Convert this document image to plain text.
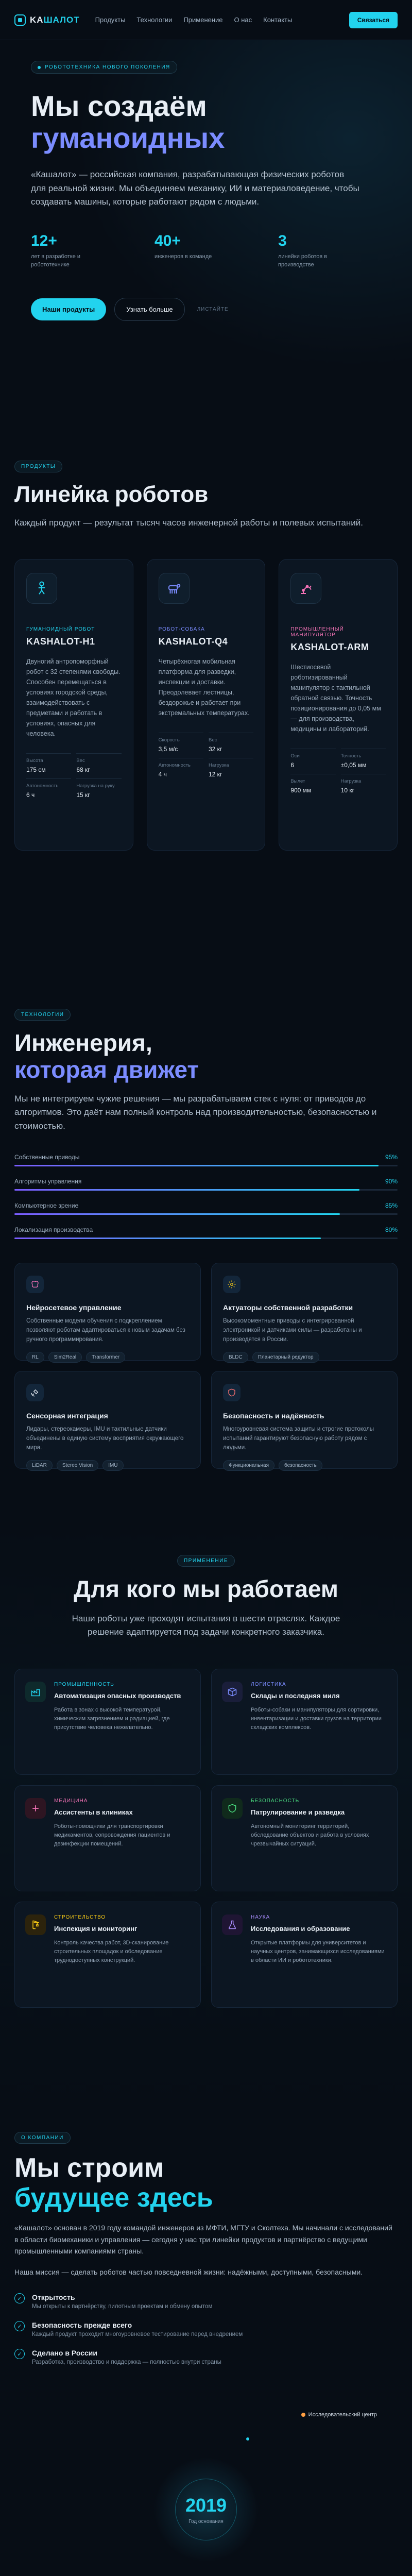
KAШАЛОТ Продукты Технологии Применение О нас Контакты	Связаться
РОБОТОТЕХНИКА НОВОГО ПОКОЛЕНИЯ
Мы создаём
гуманоидных

«Кашалот» — российская компания, разрабатывающая физических роботов для реальной жизни. Мы объединяем механику, ИИ и материаловедение, чтобы создавать машины, которые работают рядом с людьми.

12+
лет в разработке и робототехнике
40+
инженеров в команде
3
линейки роботов в производстве
Наши продукты	Узнать больше	ЛИСТАЙТЕ
ПРОДУКТЫ
Линейка роботов

Каждый продукт — результат тысяч часов инженерной работы и полевых испытаний.

ГУМАНОИДНЫЙ РОБОТ
KASHALOT-H1

Двуногий антропоморфный робот с 32 степенями свободы. Способен перемещаться в условиях городской среды, взаимодействовать с предметами и работать в условиях, опасных для человека.

Высота
175 см
Вес
68 кг
Автономность
6 ч
Нагрузка на руку
15 кг
РОБОТ-СОБАКА
KASHALOT-Q4

Четырёхногая мобильная платформа для разведки, инспекции и доставки. Преодолевает лестницы, бездорожье и работает при экстремальных температурах.

Скорость
3,5 м/с
Вес
32 кг
Автономность
4 ч
Нагрузка
12 кг
ПРОМЫШЛЕННЫЙ МАНИПУЛЯТОР
KASHALOT-ARM

Шестиосевой роботизированный манипулятор с тактильной обратной связью. Точность позиционирования до 0,05 мм — для производства, медицины и лабораторий.

Оси
6
Точность
±0,05 мм
Вылет
900 мм
Нагрузка
10 кг
ТЕХНОЛОГИИ
Инженерия,
которая движет

Мы не интегрируем чужие решения — мы разрабатываем стек с нуля: от приводов до алгоритмов. Это даёт нам полный контроль над производительностью, безопасностью и стоимостью.

Собственные приводы	95%
Алгоритмы управления	90%
Компьютерное зрение	85%
Локализация производства	80%
Нейросетевое управление
Собственные модели обучения с подкреплением позволяют роботам адаптироваться к новым задачам без ручного программирования.
RL	Sim2Real	Transformer
Актуаторы собственной разработки
Высокомоментные приводы с интегрированной электроникой и датчиками силы — разработаны и производятся в России.
BLDC	Планетарный редуктор
Сенсорная интеграция
Лидары, стереокамеры, IMU и тактильные датчики объединены в единую систему восприятия окружающего мира.
LiDAR	Stereo Vision	IMU
Безопасность и надёжность
Многоуровневая система защиты и строгие протоколы испытаний гарантируют безопасную работу рядом с людьми.
Функциональная	безопасность
ПРИМЕНЕНИЕ
Для кого мы работаем

Наши роботы уже проходят испытания в шести отраслях. Каждое решение адаптируется под задачи конкретного заказчика.

ПРОМЫШЛЕННОСТЬ
Автоматизация опасных производств
Работа в зонах с высокой температурой, химическим загрязнением и радиацией, где присутствие человека нежелательно.
ЛОГИСТИКА
Склады и последняя миля
Роботы-собаки и манипуляторы для сортировки, инвентаризации и доставки грузов на территории складских комплексов.
МЕДИЦИНА
Ассистенты в клиниках
Роботы-помощники для транспортировки медикаментов, сопровождения пациентов и дезинфекции помещений.
БЕЗОПАСНОСТЬ
Патрулирование и разведка
Автономный мониторинг территорий, обследование объектов и работа в условиях чрезвычайных ситуаций.
СТРОИТЕЛЬСТВО
Инспекция и мониторинг
Контроль качества работ, 3D-сканирование строительных площадок и обследование труднодоступных конструкций.
НАУКА
Исследования и образование
Открытые платформы для университетов и научных центров, занимающихся исследованиями в области ИИ и робототехники.
О КОМПАНИИ
Мы строим
будущее здесь

«Кашалот» основан в 2019 году командой инженеров из МФТИ, МГТУ и Сколтеха. Мы начинали с исследований в области биомеханики и управления — сегодня у нас три линейки продуктов и партнёрство с ведущими промышленными компаниями страны.

Наша миссия — сделать роботов частью повседневной жизни: надёжными, доступными, безопасными.

✓	Открытость
Мы открыты к партнёрству, пилотным проектам и обмену опытом
✓	Безопасность прежде всего
Каждый продукт проходит многоуровневое тестирование перед внедрением
✓	Сделано в России
Разработка, производство и поддержка — полностью внутри страны
Исследовательский центр
2019
Год основания
